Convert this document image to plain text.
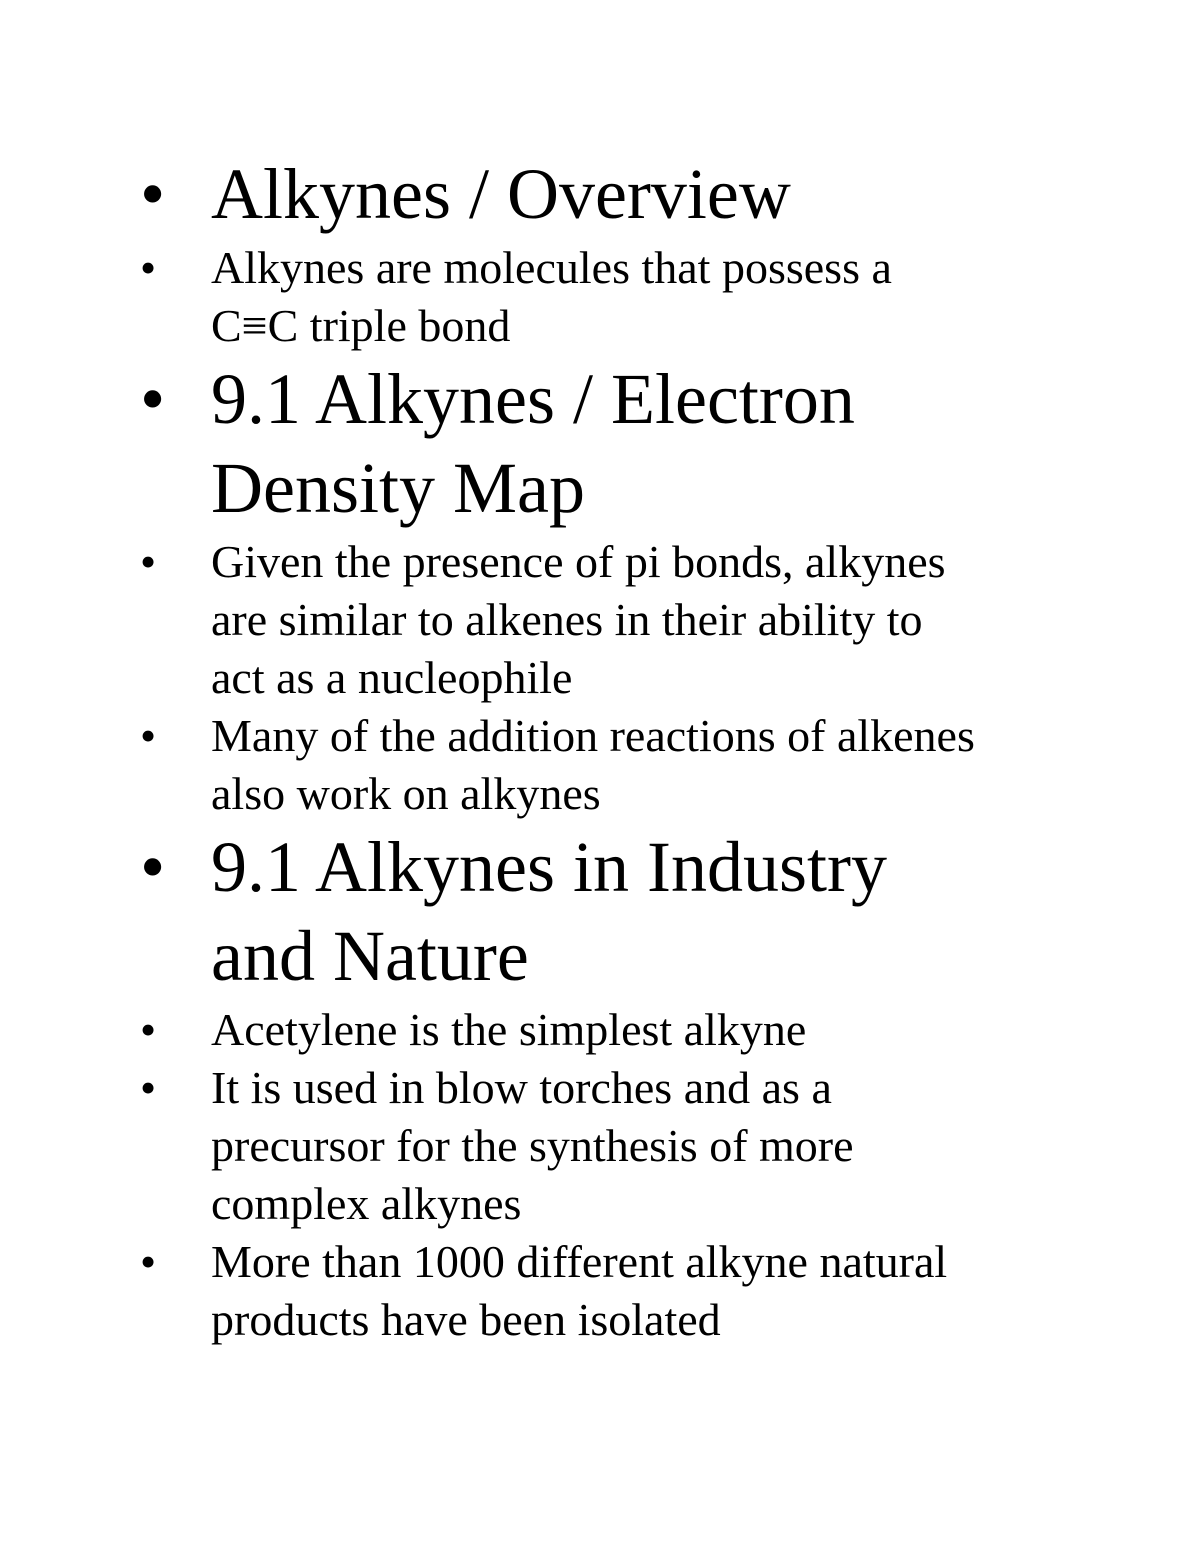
• Alkynes / Overview
•	Alkynes are molecules that possess a
C≡C triple bond
• 9.1 Alkynes / Electron
Density Map
•	Given the presence of pi bonds, alkynes
are similar to alkenes in their ability to
act as a nucleophile
•	Many of the addition reactions of alkenes
also work on alkynes
• 9.1 Alkynes in Industry
and Nature
•	Acetylene is the simplest alkyne
•	It is used in blow torches and as a
precursor for the synthesis of more
complex alkynes
•	More than 1000 different alkyne natural
products have been isolated
